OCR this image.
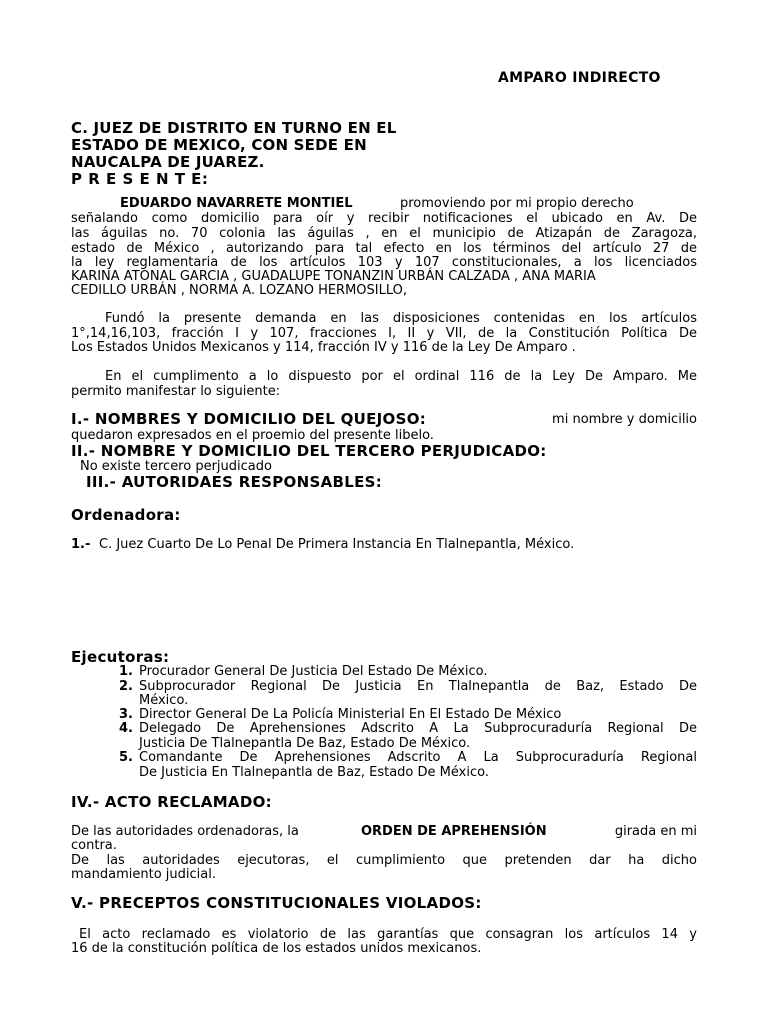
AMPARO INDIRECTO
C. JUEZ DE DISTRITO EN TURNO EN EL
ESTADO DE MEXICO, CON SEDE EN
NAUCALPA DE JUAREZ.
P R E S E N T E:
EDUARDO NAVARRETE MONTIEL	promoviendo por mi propio derecho
señalando como domicilio para oír y recibir notificaciones el ubicado en Av. De
las águilas no. 70 colonia las águilas , en el municipio de Atizapán de Zaragoza,
estado de México , autorizando para tal efecto en los términos del artículo 27 de
la ley reglamentaria de los artículos 103 y 107 constitucionales, a los licenciados
KARINA ATONAL GARCIA , GUADALUPE TONANZIN URBÁN CALZADA , ANA MARIA
CEDILLO URBÁN , NORMA A. LOZANO HERMOSILLO,
Fundó la presente demanda en las disposiciones contenidas en los artículos
1°,14,16,103, fracción I y 107, fracciones I, II y VII, de la Constitución Política De
Los Estados Unidos Mexicanos y 114, fracción IV y 116 de la Ley De Amparo .
En el cumplimento a lo dispuesto por el ordinal 116 de la Ley De Amparo. Me
permito manifestar lo siguiente:
I.- NOMBRES Y DOMICILIO DEL QUEJOSO:	mi nombre y domicilio
quedaron expresados en el proemio del presente libelo.
II.- NOMBRE Y DOMICILIO DEL TERCERO PERJUDICADO:
No existe tercero perjudicado
III.- AUTORIDAES RESPONSABLES:
Ordenadora:
1.- C. Juez Cuarto De Lo Penal De Primera Instancia En Tlalnepantla, México.
Ejecutoras:
1. Procurador General De Justicia Del Estado De México.
2. Subprocurador Regional De Justicia En Tlalnepantla de Baz, Estado De
México.
3. Director General De La Policía Ministerial En El Estado De México
4. Delegado De Aprehensiones Adscrito A La Subprocuraduría Regional De
Justicia De Tlalnepantla De Baz, Estado De México.
5. Comandante De Aprehensiones Adscrito A La Subprocuraduría Regional
De Justicia En Tlalnepantla de Baz, Estado De México.
IV.- ACTO RECLAMADO:
De las autoridades ordenadoras, la	ORDEN DE APREHENSIÓN	girada en mi
contra.
De las autoridades ejecutoras, el cumplimiento que pretenden dar ha dicho
mandamiento judicial.
V.- PRECEPTOS CONSTITUCIONALES VIOLADOS:
El acto reclamado es violatorio de las garantías que consagran los artículos 14 y
16 de la constitución política de los estados unidos mexicanos.
